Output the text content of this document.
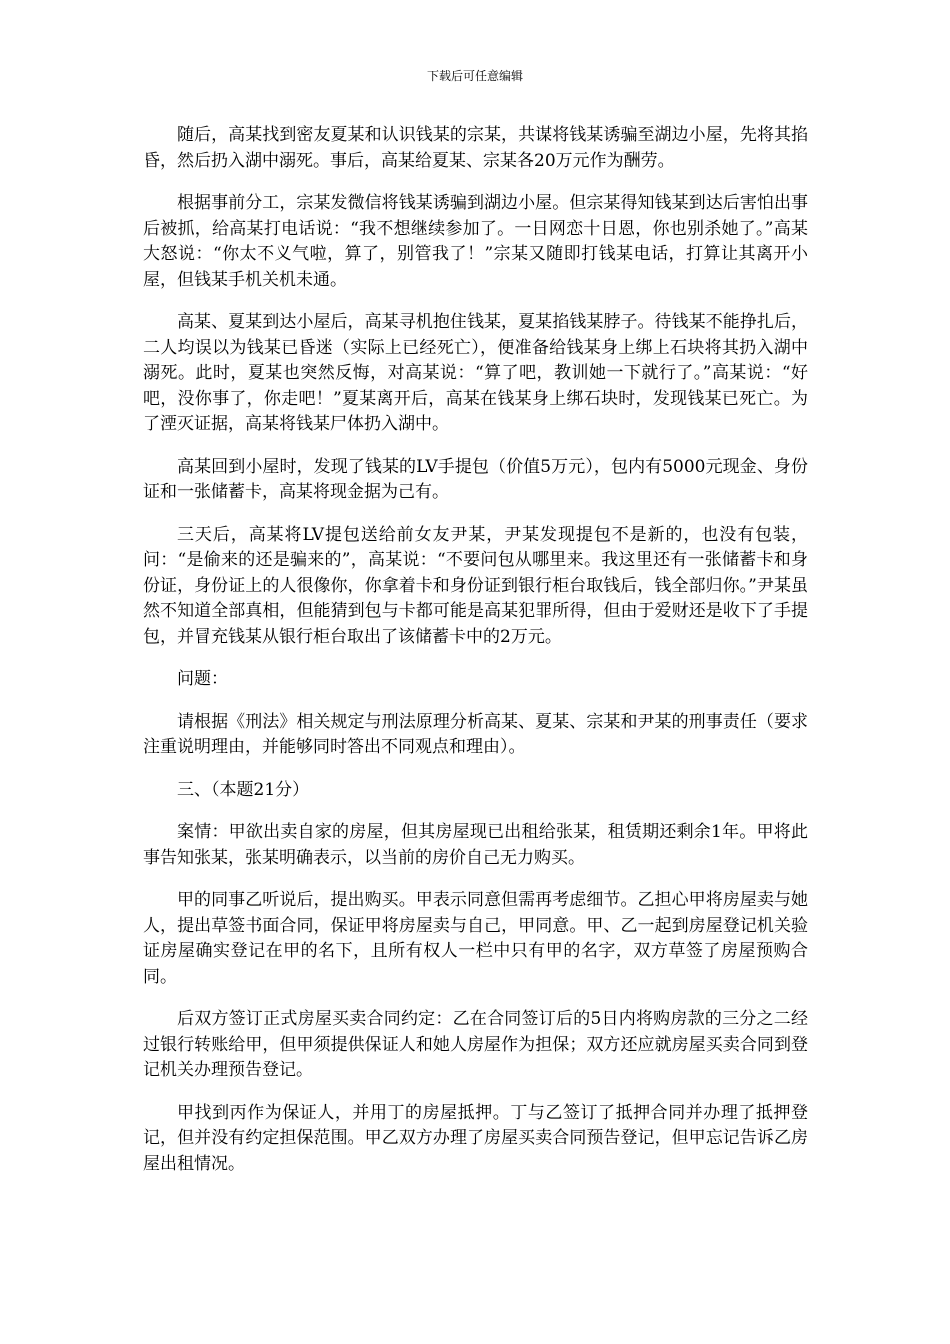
下载后可任意编辑

随后，高某找到密友夏某和认识钱某的宗某，共谋将钱某诱骗至湖边小屋，先将其掐昏，然后扔入湖中溺死。事后，高某给夏某、宗某各20万元作为酬劳。

根据事前分工，宗某发微信将钱某诱骗到湖边小屋。但宗某得知钱某到达后害怕出事后被抓，给高某打电话说：“我不想继续参加了。一日网恋十日恩，你也别杀她了。”高某大怒说：“你太不义气啦，算了，别管我了！”宗某又随即打钱某电话，打算让其离开小屋，但钱某手机关机未通。

高某、夏某到达小屋后，高某寻机抱住钱某，夏某掐钱某脖子。待钱某不能挣扎后，二人均误以为钱某已昏迷（实际上已经死亡），便准备给钱某身上绑上石块将其扔入湖中溺死。此时，夏某也突然反悔，对高某说：“算了吧，教训她一下就行了。”高某说：“好吧，没你事了，你走吧！”夏某离开后，高某在钱某身上绑石块时，发现钱某已死亡。为了湮灭证据，高某将钱某尸体扔入湖中。

高某回到小屋时，发现了钱某的LV手提包（价值5万元），包内有5000元现金、身份证和一张储蓄卡，高某将现金据为己有。

三天后，高某将LV提包送给前女友尹某，尹某发现提包不是新的，也没有包装，问：“是偷来的还是骗来的”，高某说：“不要问包从哪里来。我这里还有一张储蓄卡和身份证，身份证上的人很像你，你拿着卡和身份证到银行柜台取钱后，钱全部归你。”尹某虽然不知道全部真相，但能猜到包与卡都可能是高某犯罪所得，但由于爱财还是收下了手提包，并冒充钱某从银行柜台取出了该储蓄卡中的2万元。

问题：

请根据《刑法》相关规定与刑法原理分析高某、夏某、宗某和尹某的刑事责任（要求注重说明理由，并能够同时答出不同观点和理由）。

三、（本题21分）

案情：甲欲出卖自家的房屋，但其房屋现已出租给张某，租赁期还剩余1年。甲将此事告知张某，张某明确表示，以当前的房价自己无力购买。

甲的同事乙听说后，提出购买。甲表示同意但需再考虑细节。乙担心甲将房屋卖与她人，提出草签书面合同，保证甲将房屋卖与自己，甲同意。甲、乙一起到房屋登记机关验证房屋确实登记在甲的名下，且所有权人一栏中只有甲的名字，双方草签了房屋预购合同。

后双方签订正式房屋买卖合同约定：乙在合同签订后的5日内将购房款的三分之二经过银行转账给甲，但甲须提供保证人和她人房屋作为担保；双方还应就房屋买卖合同到登记机关办理预告登记。

甲找到丙作为保证人，并用丁的房屋抵押。丁与乙签订了抵押合同并办理了抵押登记，但并没有约定担保范围。甲乙双方办理了房屋买卖合同预告登记，但甲忘记告诉乙房屋出租情况。
